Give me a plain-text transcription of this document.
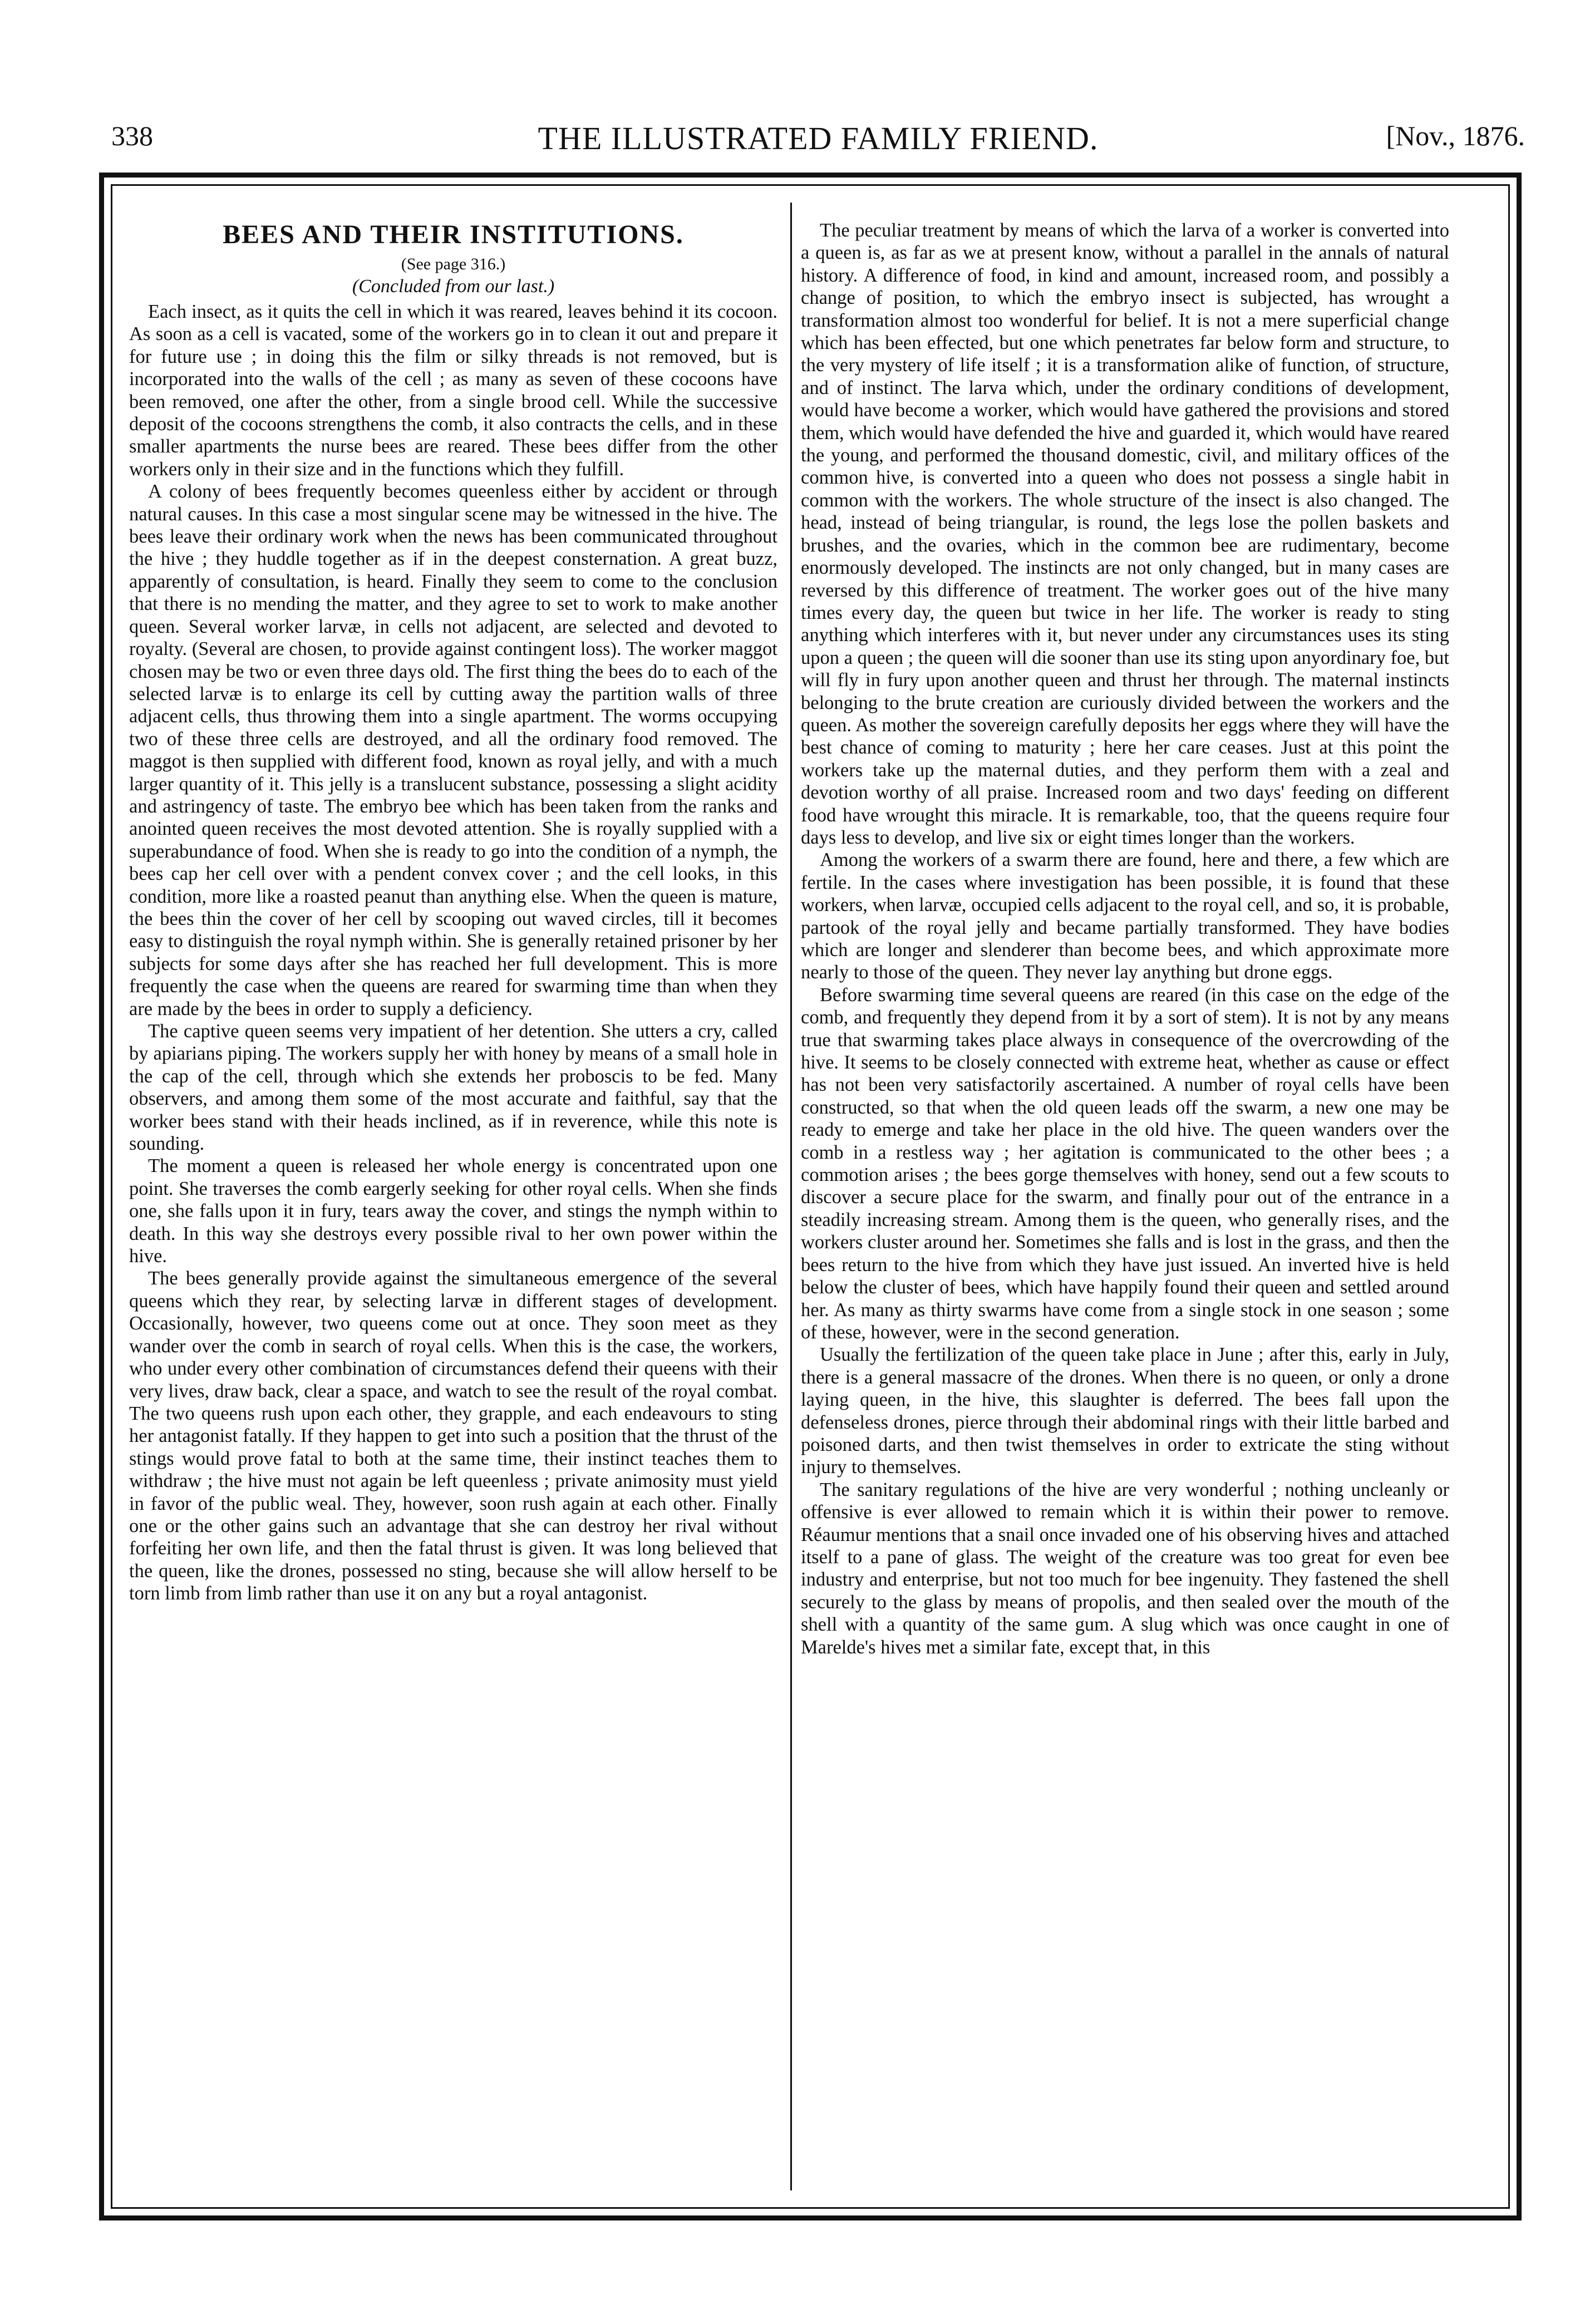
338	THE ILLUSTRATED FAMILY FRIEND.	[Nov., 1876.
BEES AND THEIR INSTITUTIONS.

(See page 316.)

(Concluded from our last.)

Each insect, as it quits the cell in which it was reared, leaves behind it its cocoon. As soon as a cell is vacated, some of the workers go in to clean it out and prepare it for future use ; in doing this the film or silky threads is not removed, but is incorporated into the walls of the cell ; as many as seven of these cocoons have been removed, one after the other, from a single brood cell. While the successive deposit of the cocoons strengthens the comb, it also contracts the cells, and in these smaller apartments the nurse bees are reared. These bees differ from the other workers only in their size and in the functions which they fulfill.

A colony of bees frequently becomes queenless either by accident or through natural causes. In this case a most singular scene may be witnessed in the hive. The bees leave their ordinary work when the news has been communicated throughout the hive ; they huddle together as if in the deepest consternation. A great buzz, apparently of consultation, is heard. Finally they seem to come to the conclusion that there is no mending the matter, and they agree to set to work to make another queen. Several worker larvæ, in cells not adjacent, are selected and devoted to royalty. (Several are chosen, to provide against contingent loss). The worker maggot chosen may be two or even three days old. The first thing the bees do to each of the selected larvæ is to enlarge its cell by cutting away the partition walls of three adjacent cells, thus throwing them into a single apartment. The worms occupying two of these three cells are destroyed, and all the ordinary food removed. The maggot is then supplied with different food, known as royal jelly, and with a much larger quantity of it. This jelly is a translucent substance, possessing a slight acidity and astringency of taste. The embryo bee which has been taken from the ranks and anointed queen receives the most devoted attention. She is royally supplied with a superabundance of food. When she is ready to go into the condition of a nymph, the bees cap her cell over with a pendent convex cover ; and the cell looks, in this condition, more like a roasted peanut than anything else. When the queen is mature, the bees thin the cover of her cell by scooping out waved circles, till it becomes easy to distinguish the royal nymph within. She is generally retained prisoner by her subjects for some days after she has reached her full development. This is more frequently the case when the queens are reared for swarming time than when they are made by the bees in order to supply a deficiency.

The captive queen seems very impatient of her detention. She utters a cry, called by apiarians piping. The workers supply her with honey by means of a small hole in the cap of the cell, through which she extends her proboscis to be fed. Many observers, and among them some of the most accurate and faithful, say that the worker bees stand with their heads inclined, as if in reverence, while this note is sounding.

The moment a queen is released her whole energy is concentrated upon one point. She traverses the comb eargerly seeking for other royal cells. When she finds one, she falls upon it in fury, tears away the cover, and stings the nymph within to death. In this way she destroys every possible rival to her own power within the hive.

The bees generally provide against the simultaneous emergence of the several queens which they rear, by selecting larvæ in different stages of development. Occasionally, however, two queens come out at once. They soon meet as they wander over the comb in search of royal cells. When this is the case, the workers, who under every other combination of circumstances defend their queens with their very lives, draw back, clear a space, and watch to see the result of the royal combat. The two queens rush upon each other, they grapple, and each endeavours to sting her antagonist fatally. If they happen to get into such a position that the thrust of the stings would prove fatal to both at the same time, their instinct teaches them to withdraw ; the hive must not again be left queenless ; private animosity must yield in favor of the public weal. They, however, soon rush again at each other. Finally one or the other gains such an advantage that she can destroy her rival without forfeiting her own life, and then the fatal thrust is given. It was long believed that the queen, like the drones, possessed no sting, because she will allow herself to be torn limb from limb rather than use it on any but a royal antagonist.

The peculiar treatment by means of which the larva of a worker is converted into a queen is, as far as we at present know, without a parallel in the annals of natural history. A difference of food, in kind and amount, increased room, and possibly a change of position, to which the embryo insect is subjected, has wrought a transformation almost too wonderful for belief. It is not a mere superficial change which has been effected, but one which penetrates far below form and structure, to the very mystery of life itself ; it is a transformation alike of function, of structure, and of instinct. The larva which, under the ordinary conditions of development, would have become a worker, which would have gathered the provisions and stored them, which would have defended the hive and guarded it, which would have reared the young, and performed the thousand domestic, civil, and military offices of the common hive, is converted into a queen who does not possess a single habit in common with the workers. The whole structure of the insect is also changed. The head, instead of being triangular, is round, the legs lose the pollen baskets and brushes, and the ovaries, which in the common bee are rudimentary, become enormously developed. The instincts are not only changed, but in many cases are reversed by this difference of treatment. The worker goes out of the hive many times every day, the queen but twice in her life. The worker is ready to sting anything which interferes with it, but never under any circumstances uses its sting upon a queen ; the queen will die sooner than use its sting upon anyordinary foe, but will fly in fury upon another queen and thrust her through. The maternal instincts belonging to the brute creation are curiously divided between the workers and the queen. As mother the sovereign carefully deposits her eggs where they will have the best chance of coming to maturity ; here her care ceases. Just at this point the workers take up the maternal duties, and they perform them with a zeal and devotion worthy of all praise. Increased room and two days' feeding on different food have wrought this miracle. It is remarkable, too, that the queens require four days less to develop, and live six or eight times longer than the workers.

Among the workers of a swarm there are found, here and there, a few which are fertile. In the cases where investigation has been possible, it is found that these workers, when larvæ, occupied cells adjacent to the royal cell, and so, it is probable, partook of the royal jelly and became partially transformed. They have bodies which are longer and slenderer than become bees, and which approximate more nearly to those of the queen. They never lay anything but drone eggs.

Before swarming time several queens are reared (in this case on the edge of the comb, and frequently they depend from it by a sort of stem). It is not by any means true that swarming takes place always in consequence of the overcrowding of the hive. It seems to be closely connected with extreme heat, whether as cause or effect has not been very satisfactorily ascertained. A number of royal cells have been constructed, so that when the old queen leads off the swarm, a new one may be ready to emerge and take her place in the old hive. The queen wanders over the comb in a restless way ; her agitation is communicated to the other bees ; a commotion arises ; the bees gorge themselves with honey, send out a few scouts to discover a secure place for the swarm, and finally pour out of the entrance in a steadily increasing stream. Among them is the queen, who generally rises, and the workers cluster around her. Sometimes she falls and is lost in the grass, and then the bees return to the hive from which they have just issued. An inverted hive is held below the cluster of bees, which have happily found their queen and settled around her. As many as thirty swarms have come from a single stock in one season ; some of these, however, were in the second generation.

Usually the fertilization of the queen take place in June ; after this, early in July, there is a general massacre of the drones. When there is no queen, or only a drone laying queen, in the hive, this slaughter is deferred. The bees fall upon the defenseless drones, pierce through their abdominal rings with their little barbed and poisoned darts, and then twist themselves in order to extricate the sting without injury to themselves.

The sanitary regulations of the hive are very wonderful ; nothing uncleanly or offensive is ever allowed to remain which it is within their power to remove. Réaumur mentions that a snail once invaded one of his observing hives and attached itself to a pane of glass. The weight of the creature was too great for even bee industry and enterprise, but not too much for bee ingenuity. They fastened the shell securely to the glass by means of propolis, and then sealed over the mouth of the shell with a quantity of the same gum. A slug which was once caught in one of Marelde's hives met a similar fate, except that, in this
